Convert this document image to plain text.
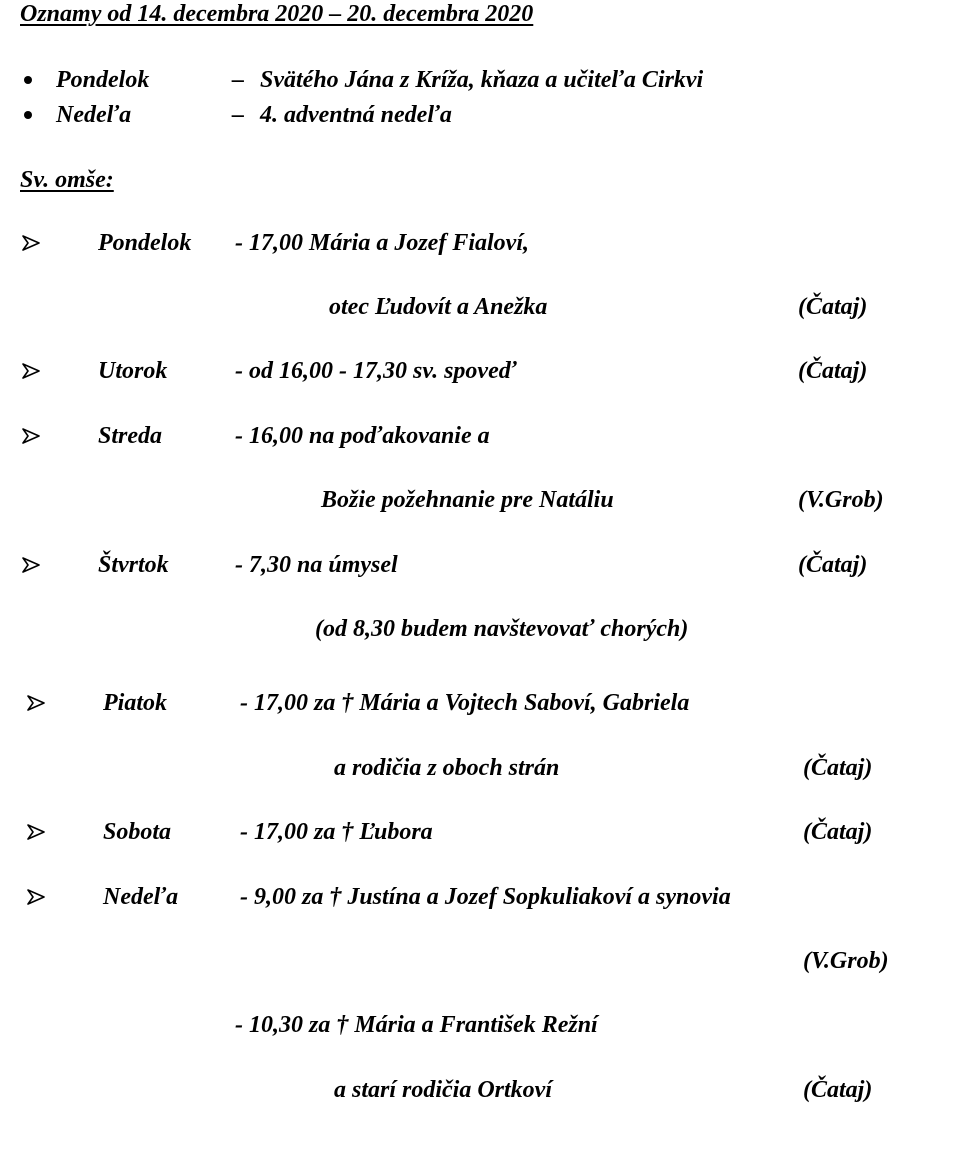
Oznamy od 14. decembra 2020 – 20. decembra 2020
Pondelok	– Svätého Jána z Kríža, kňaza a učiteľa Cirkvi
Nedeľa	– 4. adventná nedeľa
Sv. omše:
Pondelok - 17,00 Mária a Jozef Fialoví,
otec Ľudovít a Anežka	(Čataj)
Utorok	- od 16,00 - 17,30 sv. spoveď	(Čataj)
Streda	- 16,00 na poďakovanie a
Božie požehnanie pre Natáliu	(V.Grob)
Štvrtok	- 7,30 na úmysel	(Čataj)
(od 8,30 budem navštevovať chorých)
Piatok	- 17,00 za † Mária a Vojtech Saboví, Gabriela
a rodičia z oboch strán	(Čataj)
Sobota	- 17,00 za † Ľubora	(Čataj)
Nedeľa	- 9,00 za † Justína a Jozef Sopkuliakoví a synovia
(V.Grob)
- 10,30 za † Mária a František Režní
a starí rodičia Ortkoví	(Čataj)
